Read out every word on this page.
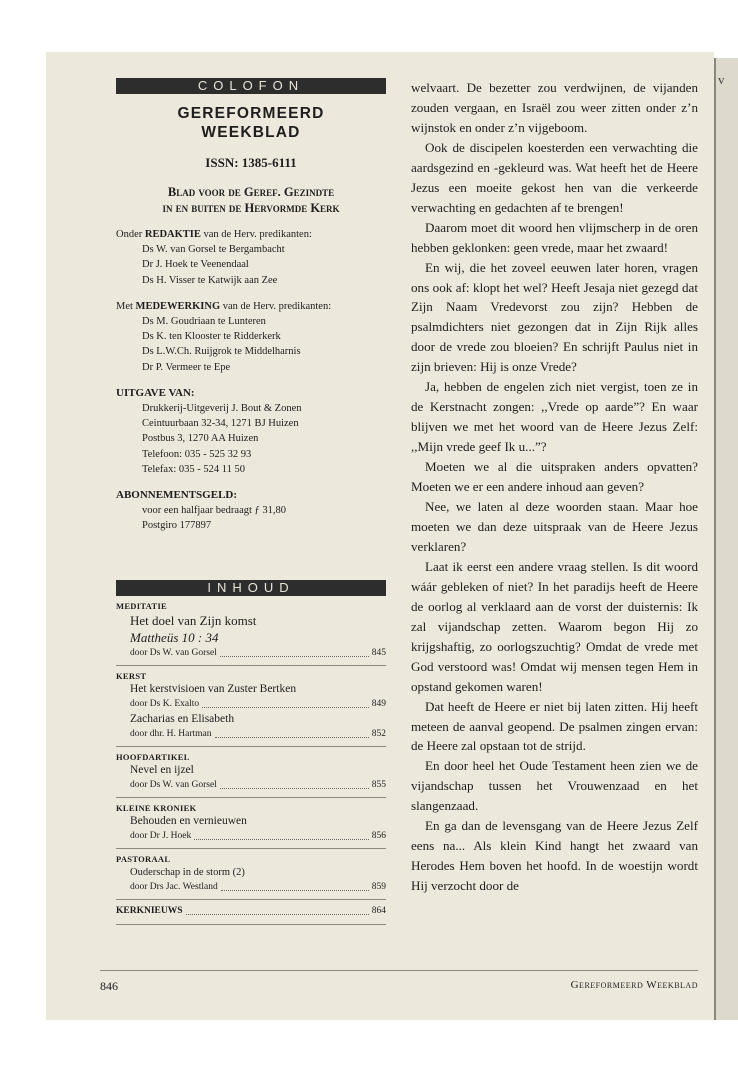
v
COLOFON
GEREFORMEERD
WEEKBLAD
ISSN: 1385-6111
Blad voor de Geref. Gezindte
in en buiten de Hervormde Kerk
Onder REDAKTIE van de Herv. predikanten:
Ds W. van Gorsel te Bergambacht
Dr J. Hoek te Veenendaal
Ds H. Visser te Katwijk aan Zee
Met MEDEWERKING van de Herv. predikanten:
Ds M. Goudriaan te Lunteren
Ds K. ten Klooster te Ridderkerk
Ds L.W.Ch. Ruijgrok te Middelharnis
Dr P. Vermeer te Epe
UITGAVE VAN:
Drukkerij-Uitgeverij J. Bout & Zonen
Ceintuurbaan 32-34, 1271 BJ Huizen
Postbus 3, 1270 AA Huizen
Telefoon: 035 - 525 32 93
Telefax: 035 - 524 11 50
ABONNEMENTSGELD:
voor een halfjaar bedraagt ƒ 31,80
Postgiro 177897
INHOUD
MEDITATIE
Het doel van Zijn komst
Mattheüs 10 : 34
door Ds W. van Gorsel	845
KERST
Het kerstvisioen van Zuster Bertken
door Ds K. Exalto	849
Zacharias en Elisabeth
door dhr. H. Hartman	852
HOOFDARTIKEL
Nevel en ijzel
door Ds W. van Gorsel	855
KLEINE KRONIEK
Behouden en vernieuwen
door Dr J. Hoek	856
PASTORAAL
Ouderschap in de storm (2)
door Drs Jac. Westland	859
KERKNIEUWS	864

welvaart. De bezetter zou verdwijnen, de vijanden zouden vergaan, en Israël zou weer zitten onder z’n wijnstok en onder z’n vijgeboom.

Ook de discipelen koesterden een verwachting die aardsgezind en -gekleurd was. Wat heeft het de Heere Jezus een moeite gekost hen van die verkeerde verwachting en gedachten af te brengen!

Daarom moet dit woord hen vlijmscherp in de oren hebben geklonken: geen vrede, maar het zwaard!

En wij, die het zoveel eeuwen later horen, vragen ons ook af: klopt het wel? Heeft Jesaja niet gezegd dat Zijn Naam Vredevorst zou zijn? Hebben de psalmdichters niet gezongen dat in Zijn Rijk alles door de vrede zou bloeien? En schrijft Paulus niet in zijn brieven: Hij is onze Vrede?

Ja, hebben de engelen zich niet vergist, toen ze in de Kerstnacht zongen: ,,Vrede op aarde”? En waar blijven we met het woord van de Heere Jezus Zelf: ,,Mijn vrede geef Ik u...”?

Moeten we al die uitspraken anders opvatten? Moeten we er een andere inhoud aan geven?

Nee, we laten al deze woorden staan. Maar hoe moeten we dan deze uitspraak van de Heere Jezus verklaren?

Laat ik eerst een andere vraag stellen. Is dit woord wáár gebleken of niet? In het paradijs heeft de Heere de oorlog al verklaard aan de vorst der duisternis: Ik zal vijandschap zetten. Waarom begon Hij zo krijgshaftig, zo oorlogszuchtig? Omdat de vrede met God verstoord was! Omdat wij mensen tegen Hem in opstand gekomen waren!

Dat heeft de Heere er niet bij laten zitten. Hij heeft meteen de aanval geopend. De psalmen zingen ervan: de Heere zal opstaan tot de strijd.

En door heel het Oude Testament heen zien we de vijandschap tussen het Vrouwenzaad en het slangenzaad.

En ga dan de levensgang van de Heere Jezus Zelf eens na... Als klein Kind hangt het zwaard van Herodes Hem boven het hoofd. In de woestijn wordt Hij verzocht door de

846	Gereformeerd Weekblad
